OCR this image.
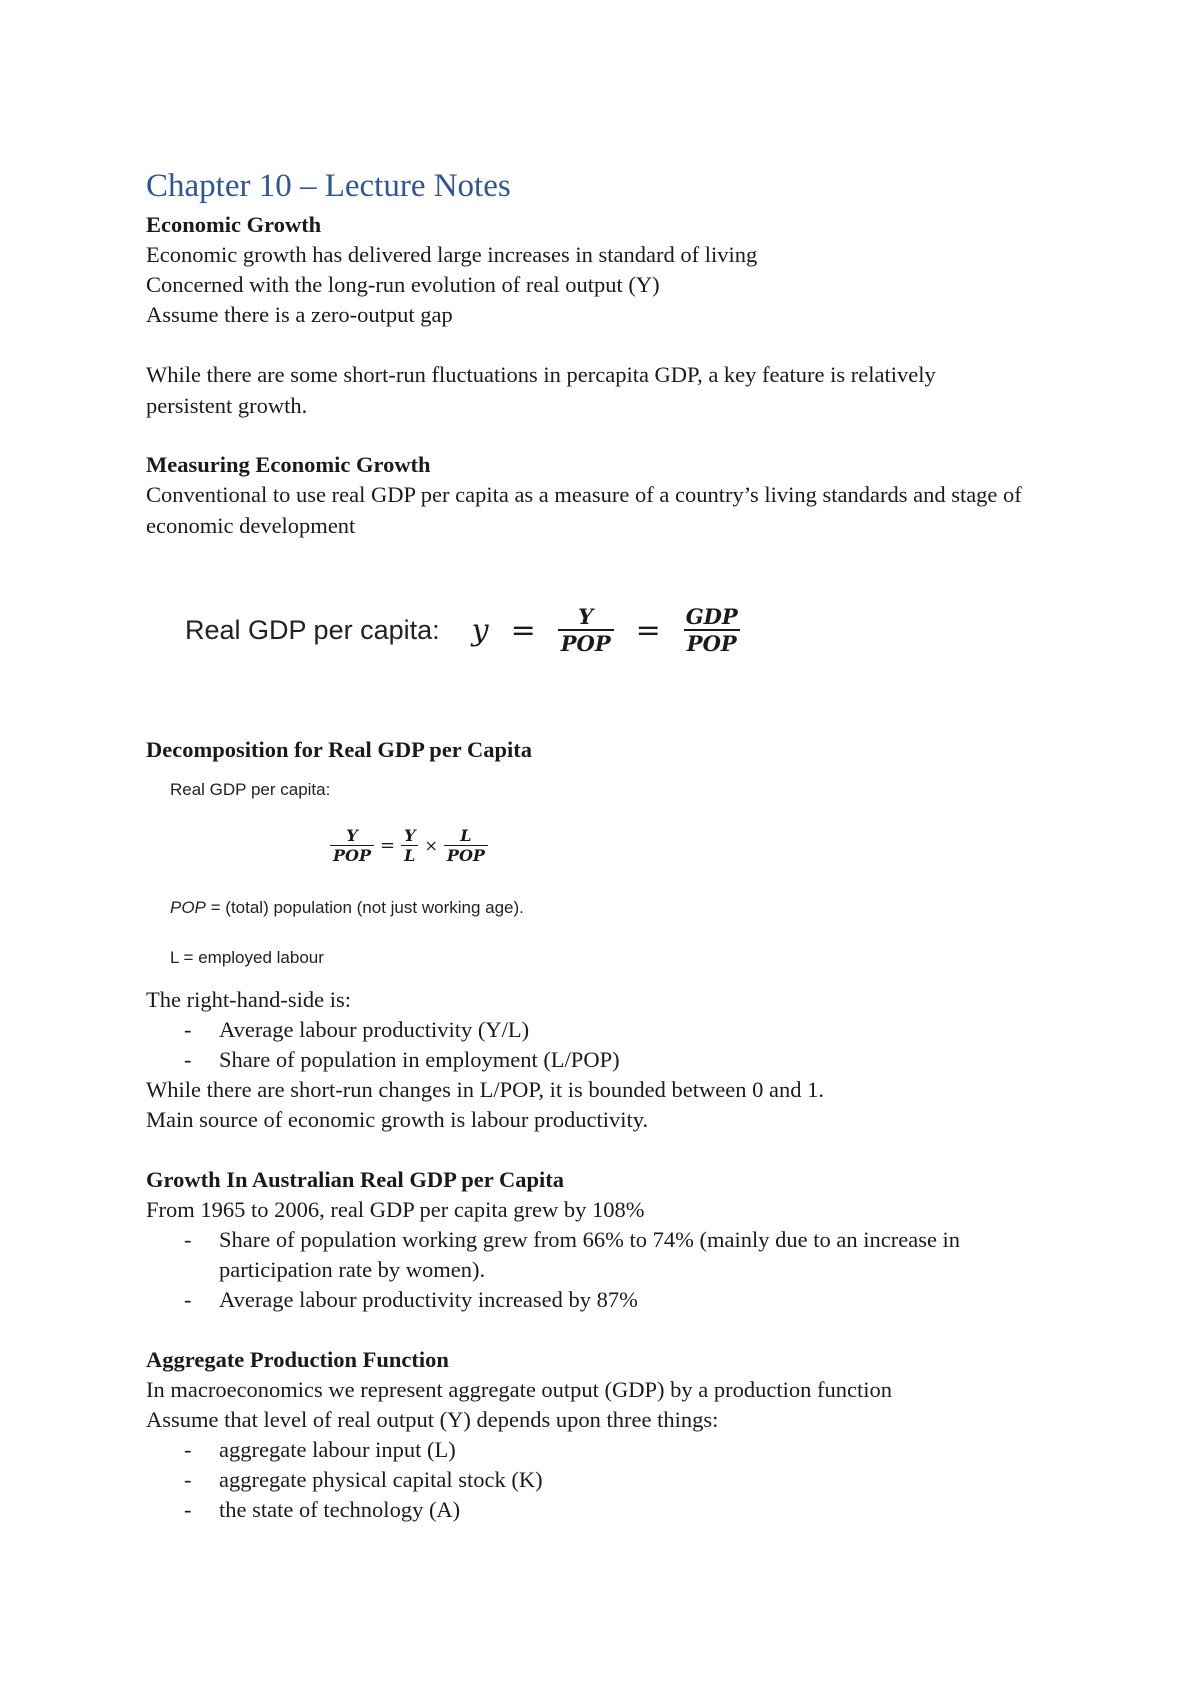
Chapter 10 – Lecture Notes
Economic Growth
Economic growth has delivered large increases in standard of living
Concerned with the long-run evolution of real output (Y)
Assume there is a zero-output gap
While there are some short-run fluctuations in percapita GDP, a key feature is relatively persistent growth.
Measuring Economic Growth
Conventional to use real GDP per capita as a measure of a country’s living standards and stage of economic development
Real GDP per capita: $y = \frac{Y}{\text{POP}} = \frac{\text{GDP}}{\text{POP}}$
Decomposition for Real GDP per Capita
Real GDP per capita:
$\frac{Y}{\text{POP}} = \frac{Y}{L} \times \frac{L}{\text{POP}}$
POP = (total) population (not just working age).
L = employed labour
The right-hand-side is:
- Average labour productivity (Y/L)
- Share of population in employment (L/POP)
While there are short-run changes in L/POP, it is bounded between 0 and 1.
Main source of economic growth is labour productivity.
Growth In Australian Real GDP per Capita
From 1965 to 2006, real GDP per capita grew by 108%
- Share of population working grew from 66% to 74% (mainly due to an increase in participation rate by women).
- Average labour productivity increased by 87%
Aggregate Production Function
In macroeconomics we represent aggregate output (GDP) by a production function
Assume that level of real output (Y) depends upon three things:
- aggregate labour input (L)
- aggregate physical capital stock (K)
- the state of technology (A)
